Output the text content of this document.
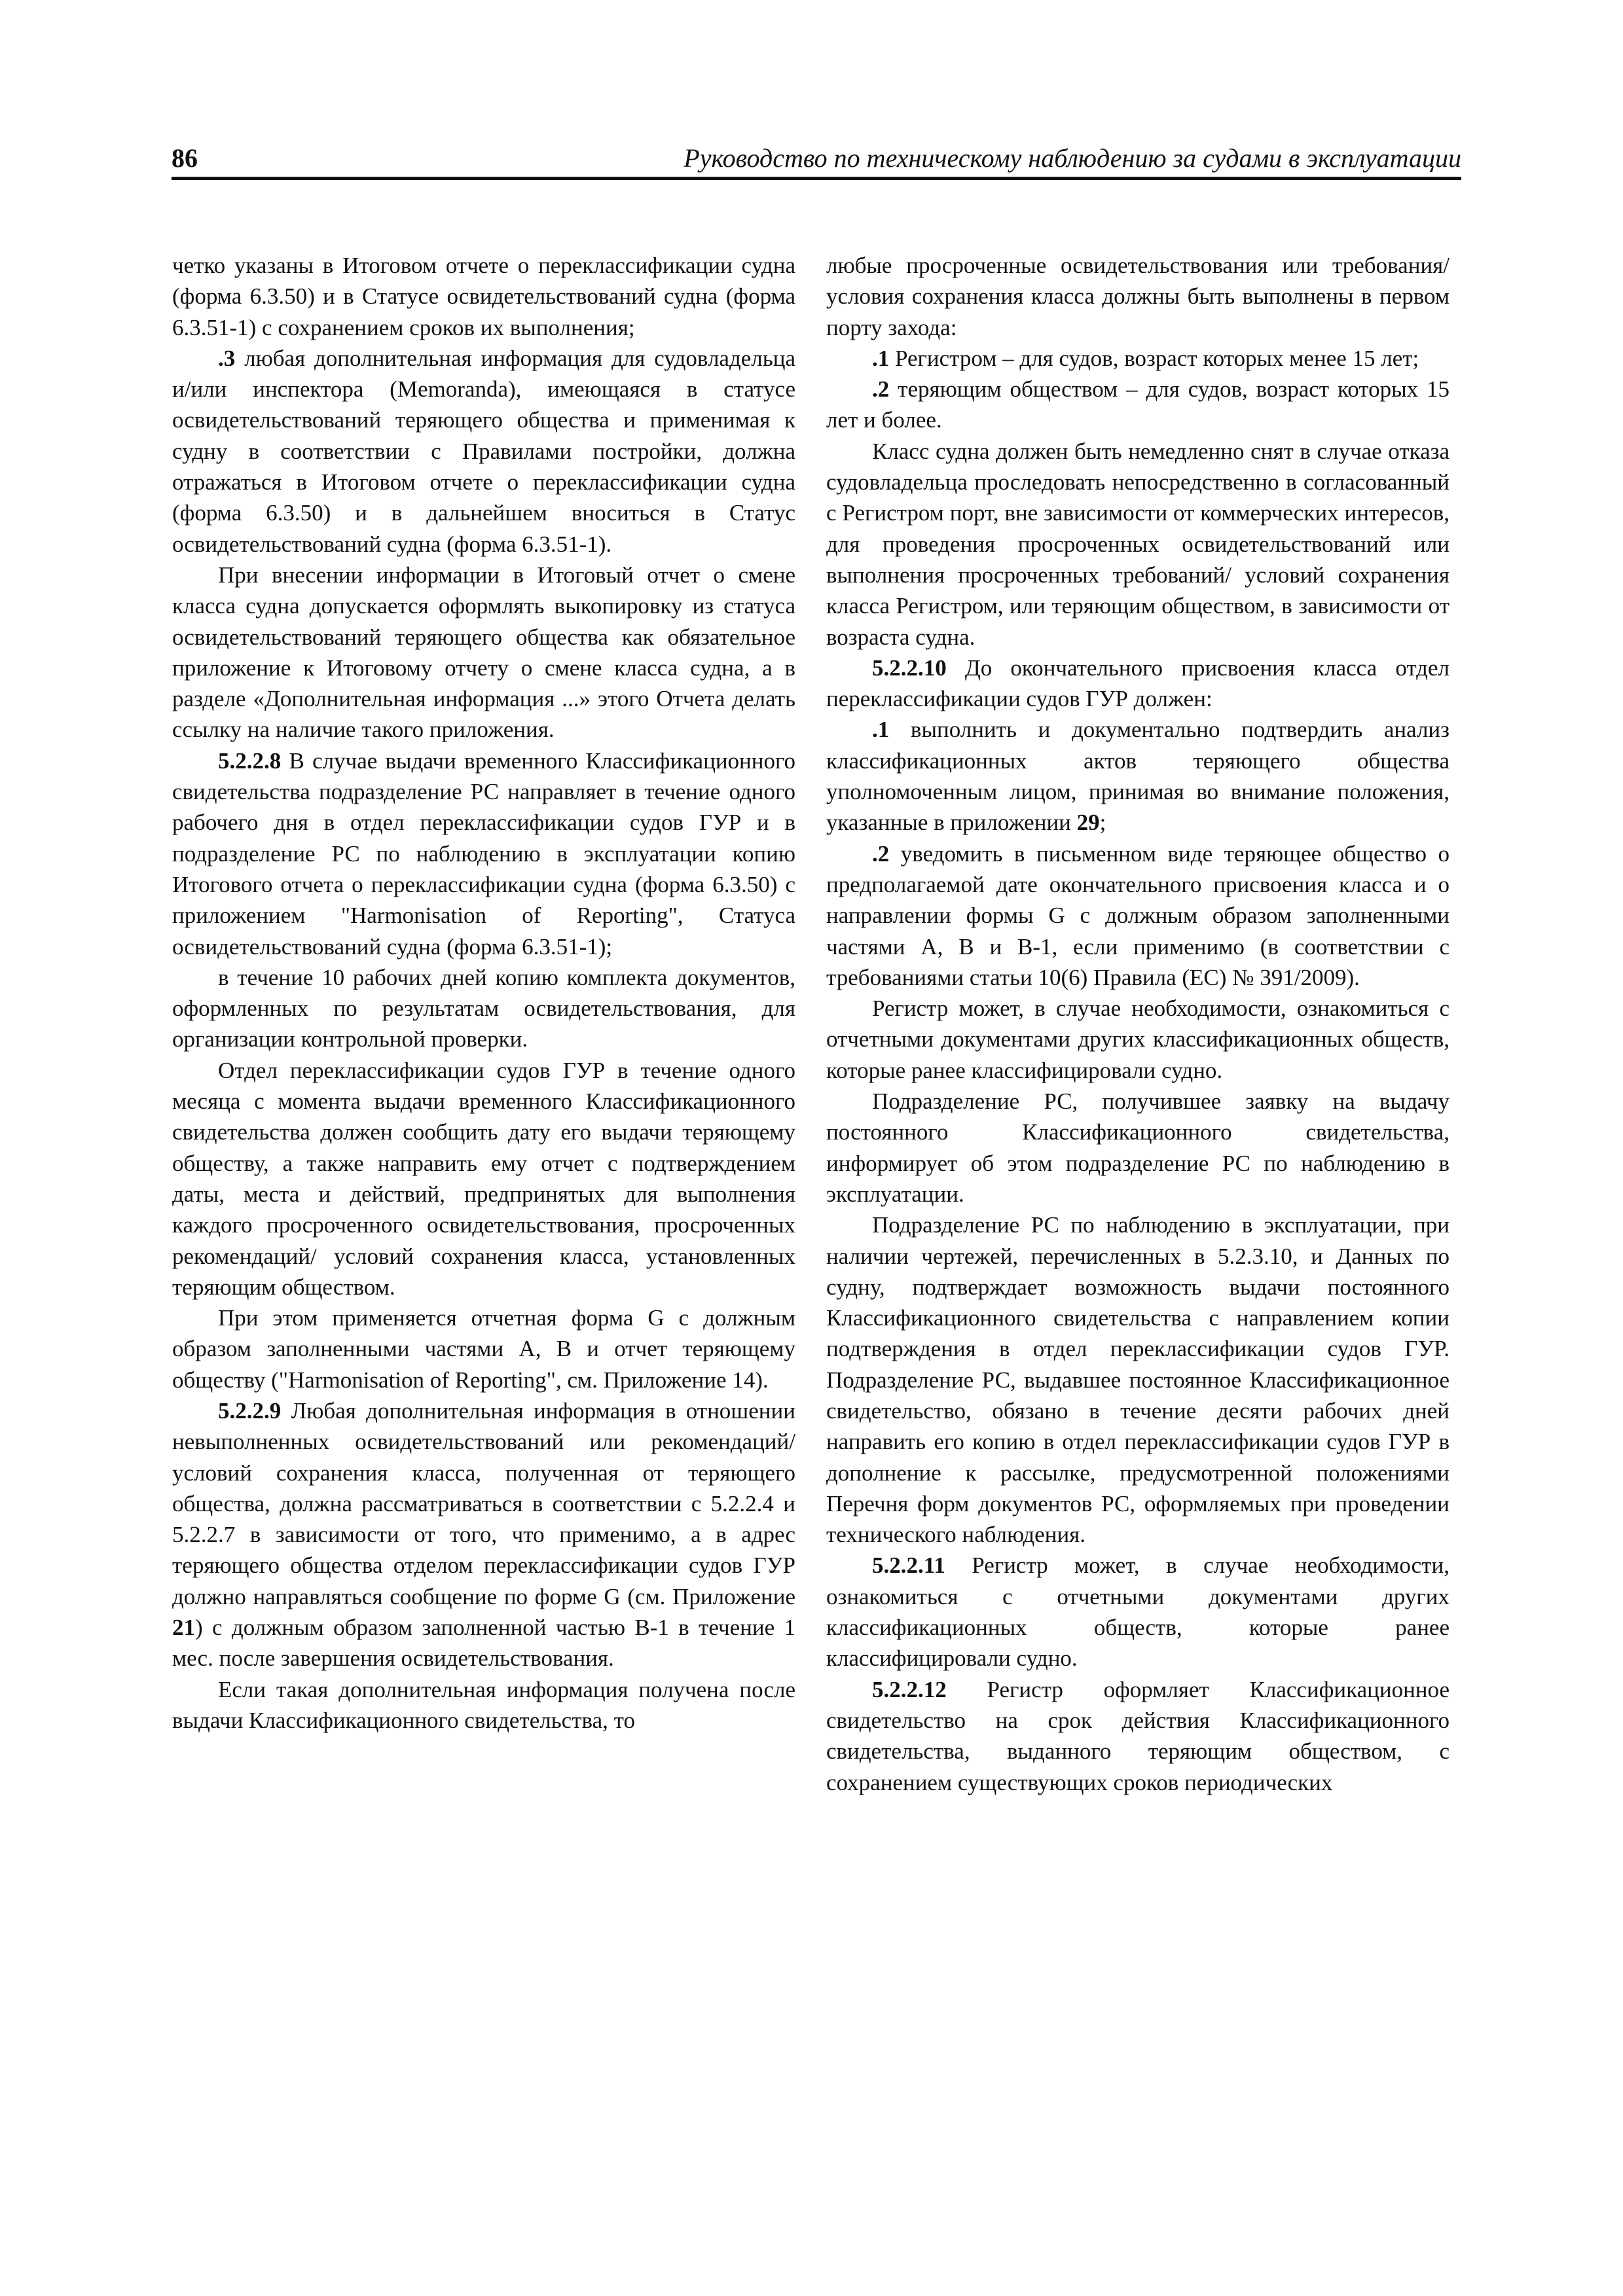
86	Руководство по техническому наблюдению за судами в эксплуатации

четко указаны в Итоговом отчете о переклассификации судна (форма 6.3.50) и в Статусе освидетельствований судна (форма 6.3.51-1) с сохранением сроков их выполнения;

.3 любая дополнительная информация для судовладельца и/или инспектора (Memoranda), имеющаяся в статусе освидетельствований теряющего общества и применимая к судну в соответствии с Правилами постройки, должна отражаться в Итоговом отчете о переклассификации судна (форма 6.3.50) и в дальнейшем вноситься в Статус освидетельствований судна (форма 6.3.51-1).

При внесении информации в Итоговый отчет о смене класса судна допускается оформлять выкопировку из статуса освидетельствований теряющего общества как обязательное приложение к Итоговому отчету о смене класса судна, а в разделе «Дополнительная информация ...» этого Отчета делать ссылку на наличие такого приложения.

5.2.2.8 В случае выдачи временного Классификационного свидетельства подразделение РС направляет в течение одного рабочего дня в отдел переклассификации судов ГУР и в подразделение РС по наблюдению в эксплуатации копию Итогового отчета о переклассификации судна (форма 6.3.50) с приложением "Harmonisation of Reporting", Статуса освидетельствований судна (форма 6.3.51-1);

в течение 10 рабочих дней копию комплекта документов, оформленных по результатам освидетельствования, для организации контрольной проверки.

Отдел переклассификации судов ГУР в течение одного месяца с момента выдачи временного Классификационного свидетельства должен сообщить дату его выдачи теряющему обществу, а также направить ему отчет с подтверждением даты, места и действий, предпринятых для выполнения каждого просроченного освидетельствования, просроченных рекомендаций/ условий сохранения класса, установленных теряющим обществом.

При этом применяется отчетная форма G с должным образом заполненными частями А, В и отчет теряющему обществу ("Harmonisation of Reporting", см. Приложение 14).

5.2.2.9 Любая дополнительная информация в отношении невыполненных освидетельствований или рекомендаций/условий сохранения класса, полученная от теряющего общества, должна рассматриваться в соответствии с 5.2.2.4 и 5.2.2.7 в зависимости от того, что применимо, а в адрес теряющего общества отделом переклассификации судов ГУР должно направляться сообщение по форме G (см. Приложение 21) с должным образом заполненной частью В-1 в течение 1 мес. после завершения освидетельствования.

Если такая дополнительная информация получена после выдачи Классификационного свидетельства, то

любые просроченные освидетельствования или требования/условия сохранения класса должны быть выполнены в первом порту захода:

.1 Регистром – для судов, возраст которых менее 15 лет;

.2 теряющим обществом – для судов, возраст которых 15 лет и более.

Класс судна должен быть немедленно снят в случае отказа судовладельца проследовать непосредственно в согласованный с Регистром порт, вне зависимости от коммерческих интересов, для проведения просроченных освидетельствований или выполнения просроченных требований/ условий сохранения класса Регистром, или теряющим обществом, в зависимости от возраста судна.

5.2.2.10 До окончательного присвоения класса отдел переклассификации судов ГУР должен:

.1 выполнить и документально подтвердить анализ классификационных актов теряющего общества уполномоченным лицом, принимая во внимание положения, указанные в приложении 29;

.2 уведомить в письменном виде теряющее общество о предполагаемой дате окончательного присвоения класса и о направлении формы G с должным образом заполненными частями А, В и В-1, если применимо (в соответствии с требованиями статьи 10(6) Правила (ЕС) № 391/2009).

Регистр может, в случае необходимости, ознакомиться с отчетными документами других классификационных обществ, которые ранее классифицировали судно.

Подразделение РС, получившее заявку на выдачу постоянного Классификационного свидетельства, информирует об этом подразделение РС по наблюдению в эксплуатации.

Подразделение РС по наблюдению в эксплуатации, при наличии чертежей, перечисленных в 5.2.3.10, и Данных по судну, подтверждает возможность выдачи постоянного Классификационного свидетельства с направлением копии подтверждения в отдел переклассификации судов ГУР. Подразделение РС, выдавшее постоянное Классификационное свидетельство, обязано в течение десяти рабочих дней направить его копию в отдел переклассификации судов ГУР в дополнение к рассылке, предусмотренной положениями Перечня форм документов РС, оформляемых при проведении технического наблюдения.

5.2.2.11 Регистр может, в случае необходимости, ознакомиться с отчетными документами других классификационных обществ, которые ранее классифицировали судно.

5.2.2.12 Регистр оформляет Классификационное свидетельство на срок действия Классификационного свидетельства, выданного теряющим обществом, с сохранением существующих сроков периодических
